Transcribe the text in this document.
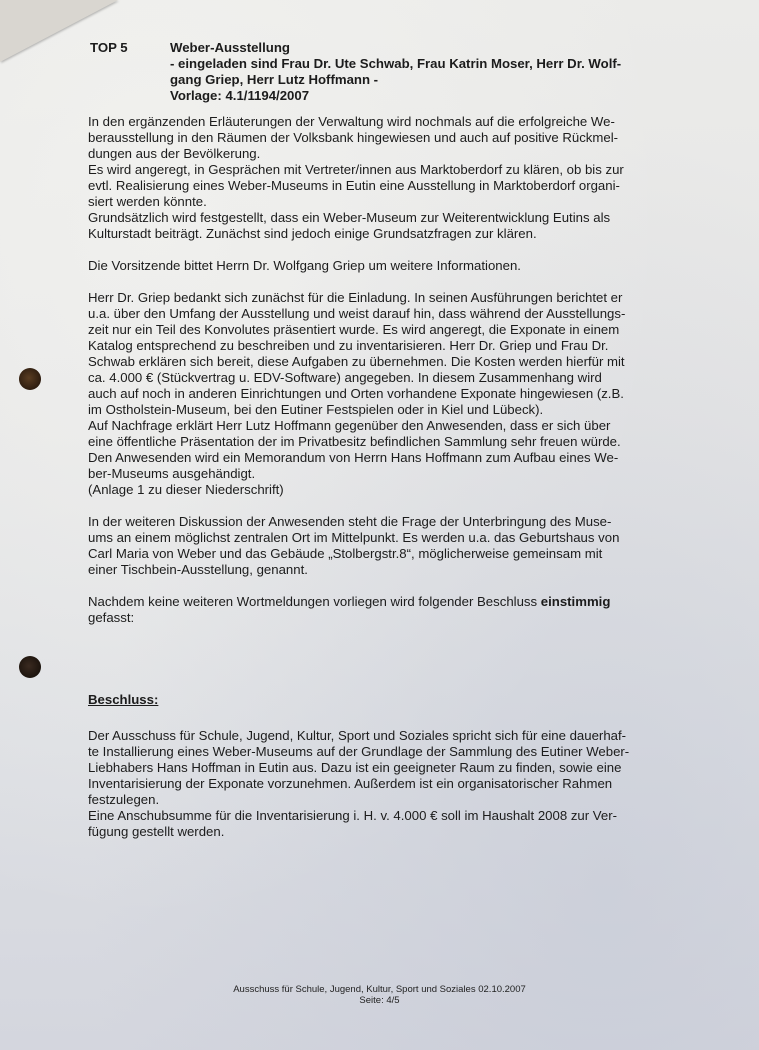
TOP 5	Weber-Ausstellung
- eingeladen sind Frau Dr. Ute Schwab, Frau Katrin Moser, Herr Dr. Wolf-
gang Griep, Herr Lutz Hoffmann -
Vorlage: 4.1/1194/2007
In den ergänzenden Erläuterungen der Verwaltung wird nochmals auf die erfolgreiche We-
berausstellung in den Räumen der Volksbank hingewiesen und auch auf positive Rückmel-
dungen aus der Bevölkerung.
Es wird angeregt, in Gesprächen mit Vertreter/innen aus Marktoberdorf zu klären, ob bis zur
evtl. Realisierung eines Weber-Museums in Eutin eine Ausstellung in Marktoberdorf organi-
siert werden könnte.
Grundsätzlich wird festgestellt, dass ein Weber-Museum zur Weiterentwicklung Eutins als
Kulturstadt beiträgt. Zunächst sind jedoch einige Grundsatzfragen zur klären.
Die Vorsitzende bittet Herrn Dr. Wolfgang Griep um weitere Informationen.
Herr Dr. Griep bedankt sich zunächst für die Einladung. In seinen Ausführungen berichtet er
u.a. über den Umfang der Ausstellung und weist darauf hin, dass während der Ausstellungs-
zeit nur ein Teil des Konvolutes präsentiert wurde. Es wird angeregt, die Exponate in einem
Katalog entsprechend zu beschreiben und zu inventarisieren. Herr Dr. Griep und Frau Dr.
Schwab erklären sich bereit, diese Aufgaben zu übernehmen. Die Kosten werden hierfür mit
ca. 4.000 € (Stückvertrag u. EDV-Software) angegeben. In diesem Zusammenhang wird
auch auf noch in anderen Einrichtungen und Orten vorhandene Exponate hingewiesen (z.B.
im Ostholstein-Museum, bei den Eutiner Festspielen oder in Kiel und Lübeck).
Auf Nachfrage erklärt Herr Lutz Hoffmann gegenüber den Anwesenden, dass er sich über
eine öffentliche Präsentation der im Privatbesitz befindlichen Sammlung sehr freuen würde.
Den Anwesenden wird ein Memorandum von Herrn Hans Hoffmann zum Aufbau eines We-
ber-Museums ausgehändigt.
(Anlage 1 zu dieser Niederschrift)
In der weiteren Diskussion der Anwesenden steht die Frage der Unterbringung des Muse-
ums an einem möglichst zentralen Ort im Mittelpunkt. Es werden u.a. das Geburtshaus von
Carl Maria von Weber und das Gebäude „Stolbergstr.8“, möglicherweise gemeinsam mit
einer Tischbein-Ausstellung, genannt.
Nachdem keine weiteren Wortmeldungen vorliegen wird folgender Beschluss einstimmig
gefasst:
Beschluss:
Der Ausschuss für Schule, Jugend, Kultur, Sport und Soziales spricht sich für eine dauerhaf-
te Installierung eines Weber-Museums auf der Grundlage der Sammlung des Eutiner Weber-
Liebhabers Hans Hoffman in Eutin aus. Dazu ist ein geeigneter Raum zu finden, sowie eine
Inventarisierung der Exponate vorzunehmen. Außerdem ist ein organisatorischer Rahmen
festzulegen.
Eine Anschubsumme für die Inventarisierung i. H. v. 4.000 € soll im Haushalt 2008 zur Ver-
fügung gestellt werden.
Ausschuss für Schule, Jugend, Kultur, Sport und Soziales 02.10.2007
Seite: 4/5
